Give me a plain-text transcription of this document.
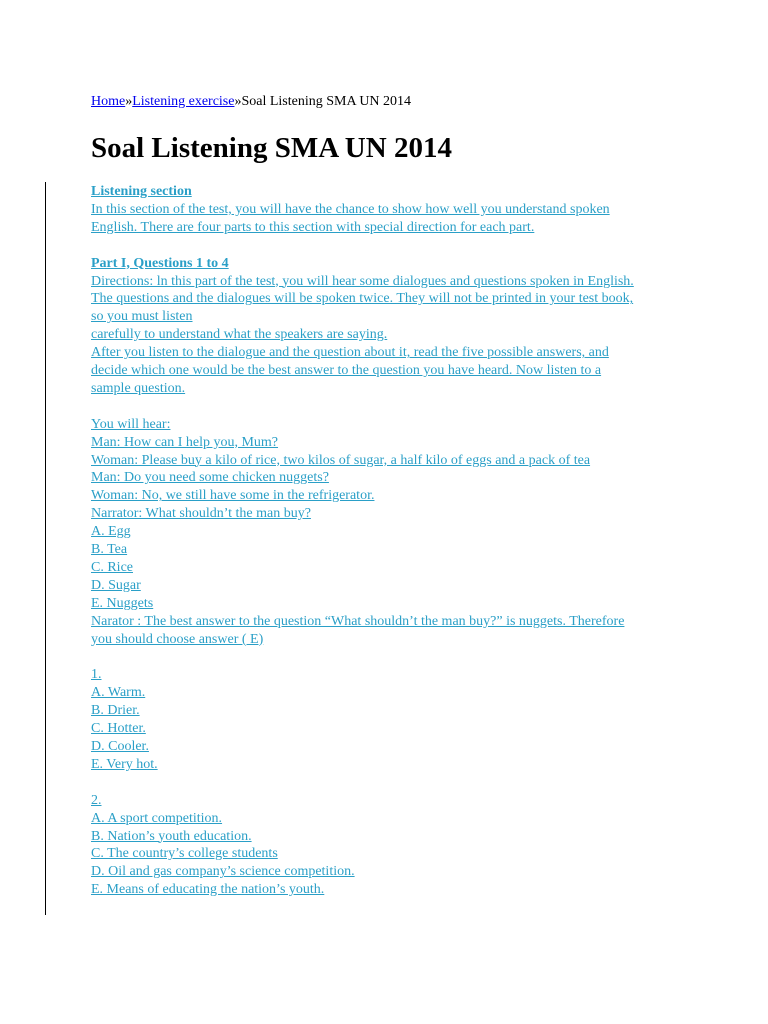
Home»Listening exercise»Soal Listening SMA UN 2014
Soal Listening SMA UN 2014
Listening section
In this section of the test, you will have the chance to show how well you understand spoken
English. There are four parts to this section with special direction for each part.
Part I, Questions 1 to 4
Directions: ln this part of the test, you will hear some dialogues and questions spoken in English.
The questions and the dialogues will be spoken twice. They will not be printed in your test book,
so you must listen
carefully to understand what the speakers are saying.
After you listen to the dialogue and the question about it, read the five possible answers, and
decide which one would be the best answer to the question you have heard. Now listen to a
sample question.
You will hear:
Man: How can I help you, Mum?
Woman: Please buy a kilo of rice, two kilos of sugar, a half kilo of eggs and a pack of tea
Man: Do you need some chicken nuggets?
Woman: No, we still have some in the refrigerator.
Narrator: What shouldn’t the man buy?
A. Egg
B. Tea
C. Rice
D. Sugar
E. Nuggets
Narator : The best answer to the question “What shouldn’t the man buy?” is nuggets. Therefore
you should choose answer ( E)
1.
A. Warm.
B. Drier.
C. Hotter.
D. Cooler.
E. Very hot.
2.
A. A sport competition.
B. Nation’s youth education.
C. The country’s college students
D. Oil and gas company’s science competition.
E. Means of educating the nation’s youth.
